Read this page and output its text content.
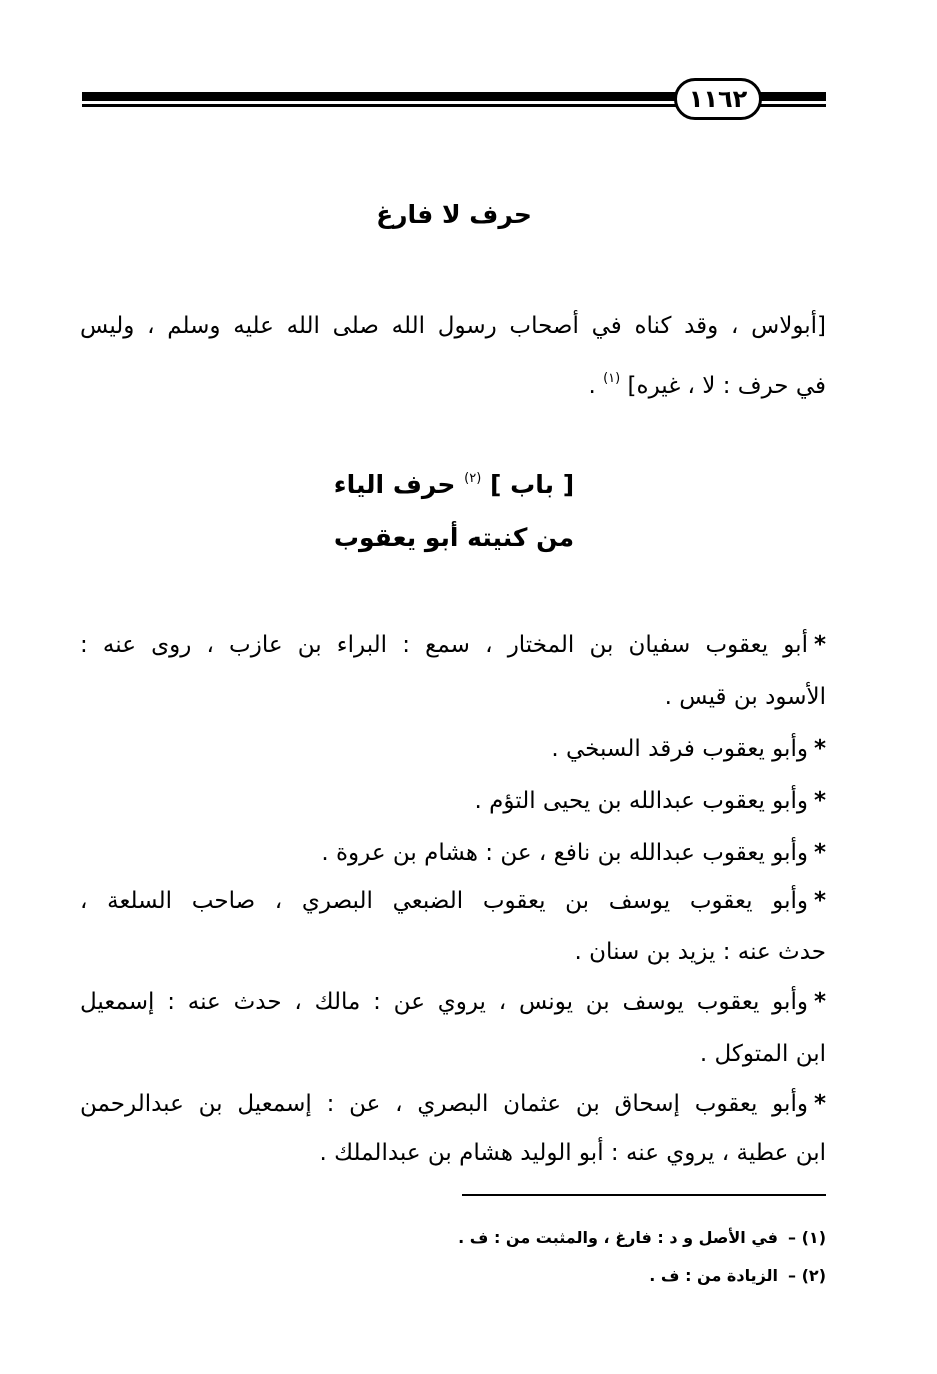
١١٦٢
حرف لا فارغ
[أبولاس ، وقد كناه في أصحاب رسول الله صلى الله عليه وسلم ، وليس
في حرف : لا ، غيره] $^{(١)}$ .
[ باب ] $^{(٢)}$ حرف الياء
من كنيته أبو يعقوب
*أبو يعقوب سفيان بن المختار ، سمع : البراء بن عازب ، روى عنه :
الأسود بن قيس .
*وأبو يعقوب فرقد السبخي .
*وأبو يعقوب عبدالله بن يحيى التؤم .
*وأبو يعقوب عبدالله بن نافع ، عن : هشام بن عروة .
*وأبو يعقوب يوسف بن يعقوب الضبعي البصري ، صاحب السلعة ،
حدث عنه : يزيد بن سنان .
*وأبو يعقوب يوسف بن يونس ، يروي عن : مالك ، حدث عنه : إسمعيل
ابن المتوكل .
*وأبو يعقوب إسحاق بن عثمان البصري ، عن : إسمعيل بن عبدالرحمن
ابن عطية ، يروي عنه : أبو الوليد هشام بن عبدالملك .
(١) –في الأصل و د : فارغ ، والمثبت من : ف .
(٢) –الزيادة من : ف .
